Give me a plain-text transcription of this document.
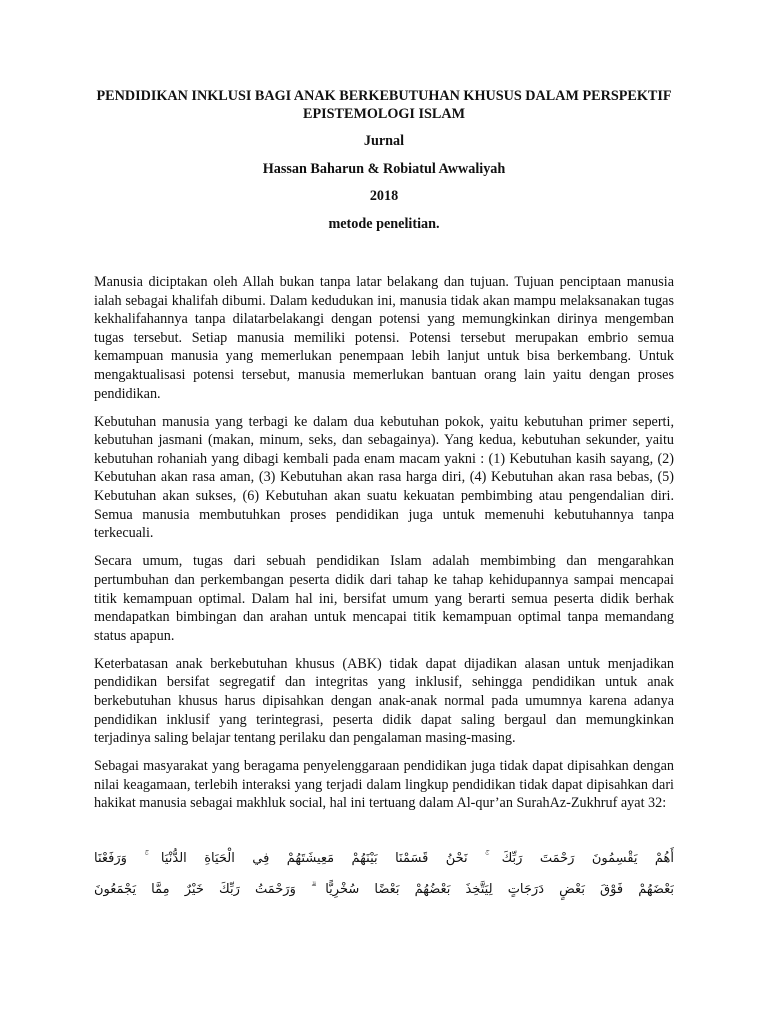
PENDIDIKAN INKLUSI BAGI ANAK BERKEBUTUHAN KHUSUS DALAM PERSPEKTIF EPISTEMOLOGI ISLAM
Jurnal
Hassan Baharun & Robiatul Awwaliyah
2018
metode penelitian.

Manusia diciptakan oleh Allah bukan tanpa latar belakang dan tujuan. Tujuan penciptaan manusia ialah sebagai khalifah dibumi. Dalam kedudukan ini, manusia tidak akan mampu melaksanakan tugas kekhalifahannya tanpa dilatarbelakangi dengan potensi yang memungkinkan dirinya mengemban tugas tersebut. Setiap manusia memiliki potensi. Potensi tersebut merupakan embrio semua kemampuan manusia yang memerlukan penempaan lebih lanjut untuk bisa berkembang. Untuk mengaktualisasi potensi tersebut, manusia memerlukan bantuan orang lain yaitu dengan proses pendidikan.

Kebutuhan manusia yang terbagi ke dalam dua kebutuhan pokok, yaitu kebutuhan primer seperti, kebutuhan jasmani (makan, minum, seks, dan sebagainya). Yang kedua, kebutuhan sekunder, yaitu kebutuhan rohaniah yang dibagi kembali pada enam macam yakni : (1) Kebutuhan kasih sayang, (2) Kebutuhan akan rasa aman, (3) Kebutuhan akan rasa harga diri, (4) Kebutuhan akan rasa bebas, (5) Kebutuhan akan sukses, (6) Kebutuhan akan suatu kekuatan pembimbing atau pengendalian diri. Semua manusia membutuhkan proses pendidikan juga untuk memenuhi kebutuhannya tanpa terkecuali.

Secara umum, tugas dari sebuah pendidikan Islam adalah membimbing dan mengarahkan pertumbuhan dan perkembangan peserta didik dari tahap ke tahap kehidupannya sampai mencapai titik kemampuan optimal. Dalam hal ini, bersifat umum yang berarti semua peserta didik berhak mendapatkan bimbingan dan arahan untuk mencapai titik kemampuan optimal tanpa memandang status apapun.

Keterbatasan anak berkebutuhan khusus (ABK) tidak dapat dijadikan alasan untuk menjadikan pendidikan bersifat segregatif dan integritas yang inklusif, sehingga pendidikan untuk anak berkebutuhan khusus harus dipisahkan dengan anak-anak normal pada umumnya karena adanya pendidikan inklusif yang terintegrasi, peserta didik dapat saling bergaul dan memungkinkan terjadinya saling belajar tentang perilaku dan pengalaman masing-masing.

Sebagai masyarakat yang beragama penyelenggaraan pendidikan juga tidak dapat dipisahkan dengan nilai keagamaan, terlebih interaksi yang terjadi dalam lingkup pendidikan tidak dapat dipisahkan dari hakikat manusia sebagai makhluk social, hal ini tertuang dalam Al-qur’an SurahAz-Zukhruf ayat 32:

أَهُمْ يَقْسِمُونَ رَحْمَتَ رَبِّكَ ۚ نَحْنُ قَسَمْنَا بَيْنَهُمْ مَعِيشَتَهُمْ فِي الْحَيَاةِ الدُّنْيَا ۚ وَرَفَعْنَا
بَعْضَهُمْ فَوْقَ بَعْضٍ دَرَجَاتٍ لِيَتَّخِذَ بَعْضُهُمْ بَعْضًا سُخْرِيًّا ۗ وَرَحْمَتُ رَبِّكَ خَيْرٌ مِمَّا يَجْمَعُونَ
